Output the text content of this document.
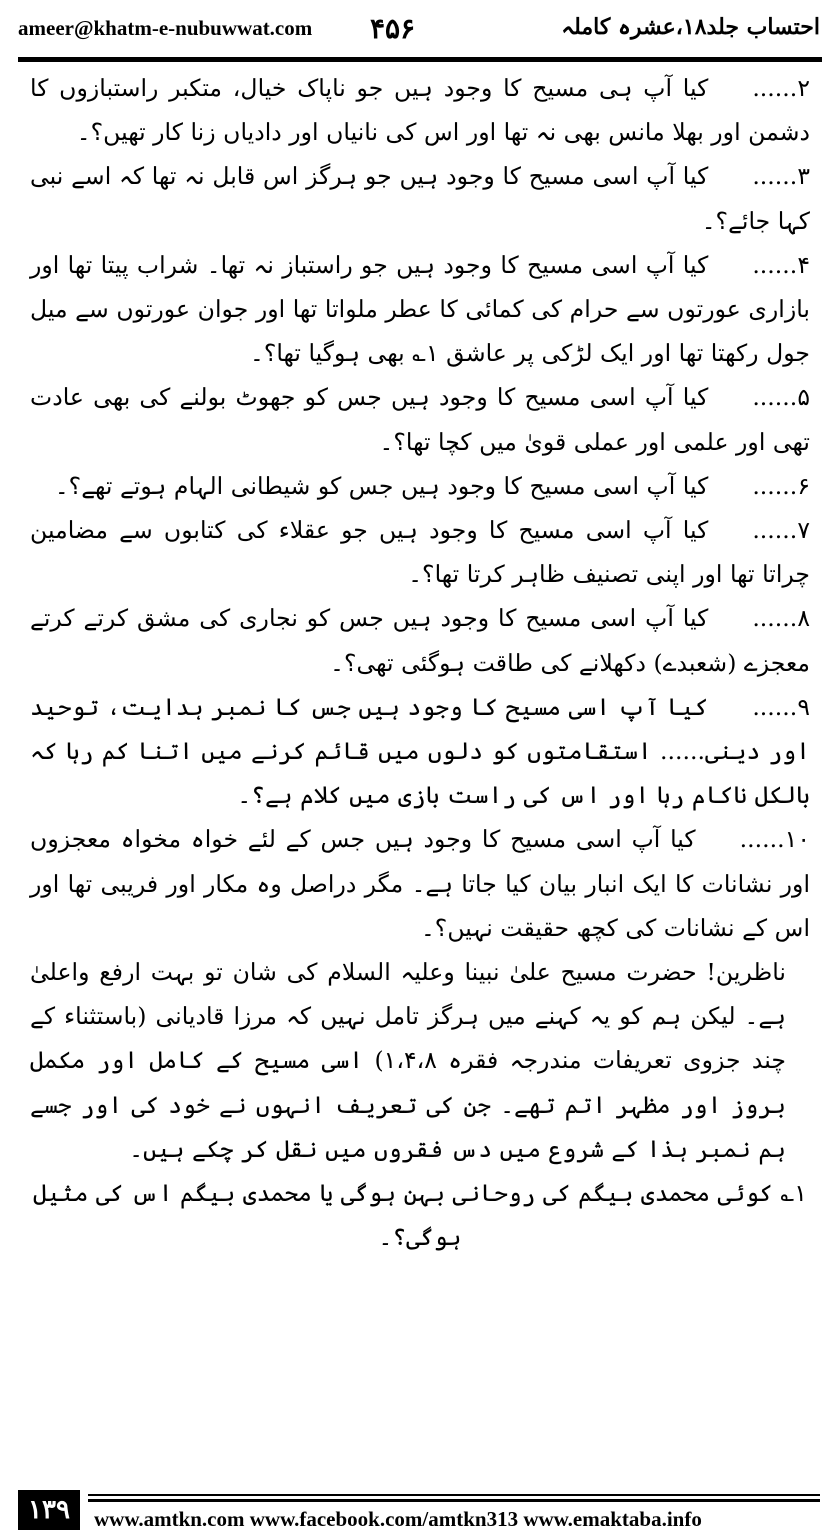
ameer@khatm-e-nubuwwat.com ۴۵۶	احتساب جلد۱۸،عشرہ کاملہ

۲......کیا آپ ہی مسیح کا وجود ہیں جو ناپاک خیال، متکبر راستبازوں کا دشمن اور بھلا مانس بھی نہ تھا اور اس کی نانیاں اور دادیاں زنا کار تھیں؟۔

۳......کیا آپ اسی مسیح کا وجود ہیں جو ہرگز اس قابل نہ تھا کہ اسے نبی کہا جائے؟۔

۴......کیا آپ اسی مسیح کا وجود ہیں جو راستباز نہ تھا۔ شراب پیتا تھا اور بازاری عورتوں سے حرام کی کمائی کا عطر ملواتا تھا اور جوان عورتوں سے میل جول رکھتا تھا اور ایک لڑکی پر عاشق ۱؎ بھی ہوگیا تھا؟۔

۵......کیا آپ اسی مسیح کا وجود ہیں جس کو جھوٹ بولنے کی بھی عادت تھی اور علمی اور عملی قویٰ میں کچا تھا؟۔

۶......کیا آپ اسی مسیح کا وجود ہیں جس کو شیطانی الہام ہوتے تھے؟۔

۷......کیا آپ اسی مسیح کا وجود ہیں جو عقلاء کی کتابوں سے مضامین چراتا تھا اور اپنی تصنیف ظاہر کرتا تھا؟۔

۸......کیا آپ اسی مسیح کا وجود ہیں جس کو نجاری کی مشق کرتے کرتے معجزے (شعبدے) دکھلانے کی طاقت ہوگئی تھی؟۔

۹......کیا آپ اسی مسیح کا وجود ہیں جس کا نمبر ہدایت، توحید اور دینی...... استقامتوں کو دلوں میں قائم کرنے میں اتنا کم رہا کہ بالکل ناکام رہا اور اس کی راست بازی میں کلام ہے؟۔

۱۰......کیا آپ اسی مسیح کا وجود ہیں جس کے لئے خواہ مخواہ معجزوں اور نشانات کا ایک انبار بیان کیا جاتا ہے۔ مگر دراصل وہ مکار اور فریبی تھا اور اس کے نشانات کی کچھ حقیقت نہیں؟۔

ناظرین! حضرت مسیح علیٰ نبینا وعلیہ السلام کی شان تو بہت ارفع واعلیٰ ہے۔ لیکن ہم کو یہ کہنے میں ہرگز تامل نہیں کہ مرزا قادیانی (باستثناء کے چند جزوی تعریفات مندرجہ فقرہ ۱،۴،۸) اسی مسیح کے کامل اور مکمل بروز اور مظہر اتم تھے۔ جن کی تعریف انہوں نے خود کی اور جسے ہم نمبر ہذا کے شروع میں دس فقروں میں نقل کر چکے ہیں۔

۱؎ کوئی محمدی بیگم کی روحانی بہن ہوگی یا محمدی بیگم اس کی مثیل ہوگی؟۔

۱۳۹	www.amtkn.com www.facebook.com/amtkn313 www.emaktaba.info
